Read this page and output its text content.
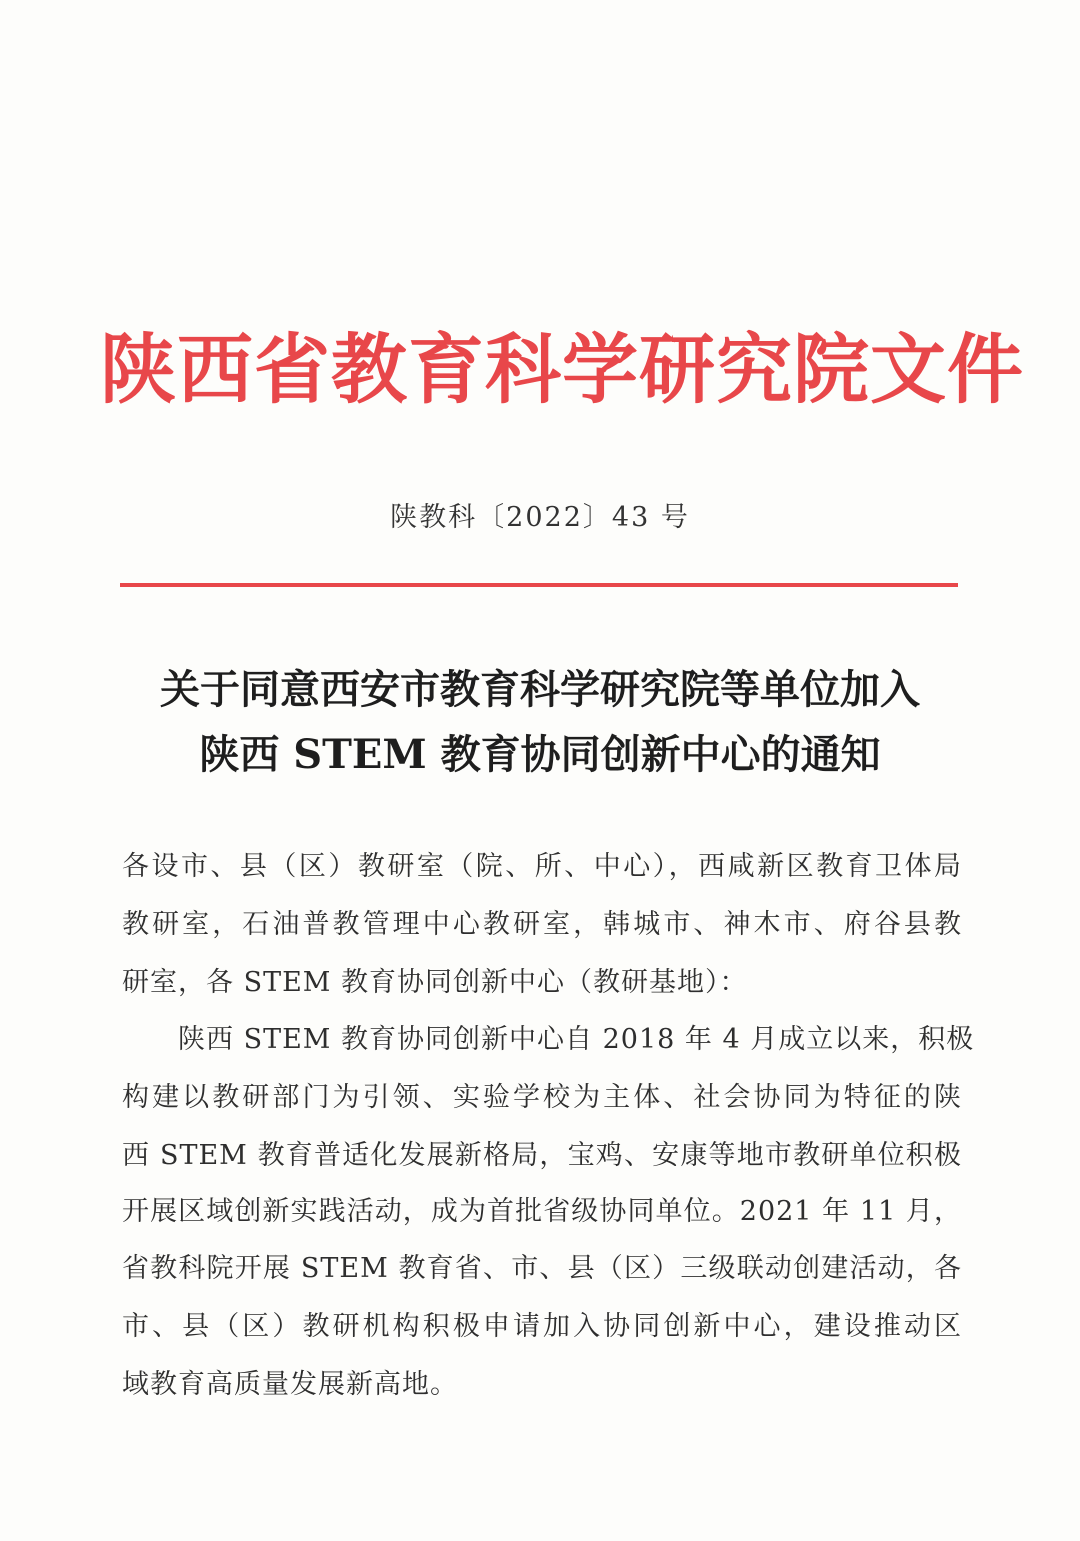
陕西省教育科学研究院文件
陕教科〔2022〕43 号
关于同意西安市教育科学研究院等单位加入
陕西 STEM 教育协同创新中心的通知
各设市、县（区）教研室（院、所、中心），西咸新区教育卫体局
教研室，石油普教管理中心教研室，韩城市、神木市、府谷县教
研室，各 STEM 教育协同创新中心（教研基地）：
陕西 STEM 教育协同创新中心自 2018 年 4 月成立以来，积极
构建以教研部门为引领、实验学校为主体、社会协同为特征的陕
西 STEM 教育普适化发展新格局，宝鸡、安康等地市教研单位积极
开展区域创新实践活动，成为首批省级协同单位。2021 年 11 月，
省教科院开展 STEM 教育省、市、县（区）三级联动创建活动，各
市、县（区）教研机构积极申请加入协同创新中心，建设推动区
域教育高质量发展新高地。
